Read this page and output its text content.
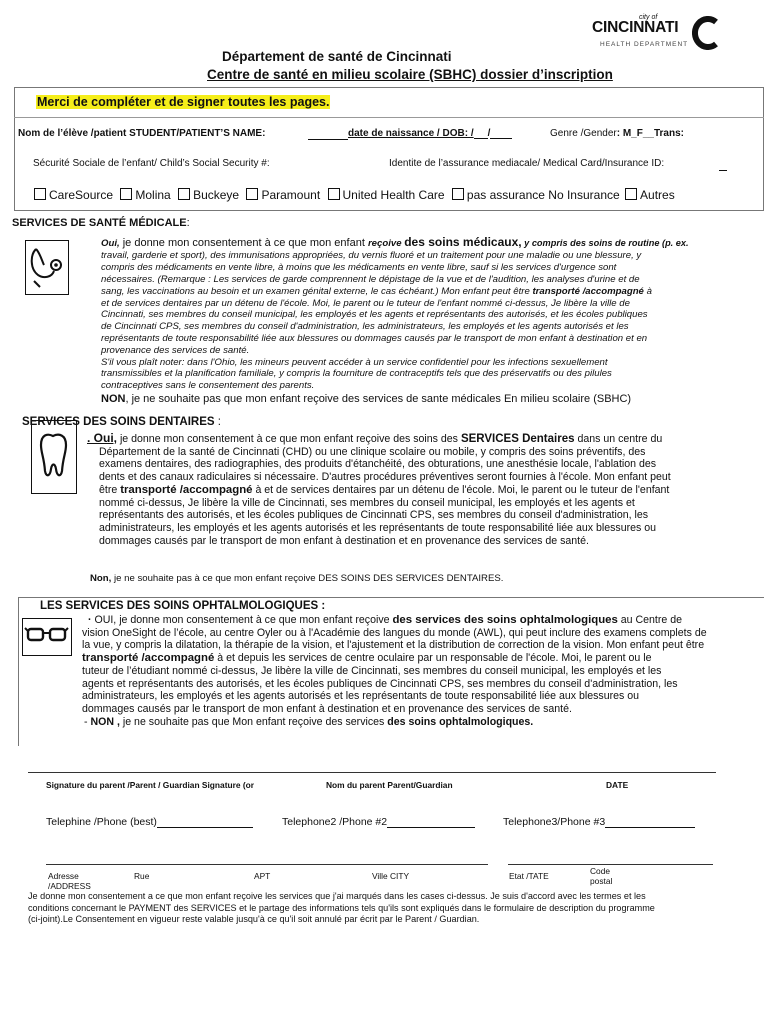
city of
CINCINNATI
HEALTH DEPARTMENT
Département de santé de Cincinnati
Centre de santé en milieu scolaire (SBHC) dossier d’inscription
Merci de compléter et de signer toutes les pages.
Nom de l’élève /patient STUDENT/PATIENT’S NAME:	date de naissance / DOB: / /	Genre /Gender: M_F__Trans:
Sécurité Sociale de l’enfant/ Child’s Social Security #:	Identite de l’assurance mediacale/ Medical Card/Insurance ID:
CareSource Molina Buckeye Paramount United Health Care pas assurance No Insurance Autres
SERVICES DE SANTÉ MÉDICALE:
Oui, je donne mon consentement à ce que mon enfant reçoive des soins médicaux, y compris des soins de routine (p. ex.
travail, garderie et sport), des immunisations appropriées, du vernis fluoré et un traitement pour une maladie ou une blessure, y
compris des médicaments en vente libre, à moins que les médicaments en vente libre, sauf si les services d'urgence sont
nécessaires. (Remarque : Les services de garde comprennent le dépistage de la vue et de l'audition, les analyses d'urine et de
sang, les vaccinations au besoin et un examen génital externe, le cas échéant.) Mon enfant peut être transporté /accompagné à
et de services dentaires par un détenu de l'école. Moi, le parent ou le tuteur de l'enfant nommé ci-dessus, Je libère la ville de
Cincinnati, ses membres du conseil municipal, les employés et les agents et représentants des autorisés, et les écoles publiques
de Cincinnati CPS, ses membres du conseil d'administration, les administrateurs, les employés et les agents autorisés et les
représentants de toute responsabilité liée aux blessures ou dommages causés par le transport de mon enfant à destination et en
provenance des services de santé.
S'il vous plaît noter: dans l'Ohio, les mineurs peuvent accéder à un service confidentiel pour les infections sexuellement
transmissibles et la planification familiale, y compris la fourniture de contraceptifs tels que des préservatifs ou des pilules
contraceptives sans le consentement des parents.
NON, je ne souhaite pas que mon enfant reçoive des services de sante médicales En milieu scolaire (SBHC)
SERVICES DES SOINS DENTAIRES :
. Oui, je donne mon consentement à ce que mon enfant reçoive des soins des SERVICES Dentaires dans un centre du
Département de la santé de Cincinnati (CHD) ou une clinique scolaire ou mobile, y compris des soins préventifs, des
examens dentaires, des radiographies, des produits d'étanchéité, des obturations, une anesthésie locale, l'ablation des
dents et des canaux radiculaires si nécessaire. D'autres procédures préventives seront fournies à l'école. Mon enfant peut
être transporté /accompagné à et de services dentaires par un détenu de l'école. Moi, le parent ou le tuteur de l'enfant
nommé ci-dessus, Je libère la ville de Cincinnati, ses membres du conseil municipal, les employés et les agents et
représentants des autorisés, et les écoles publiques de Cincinnati CPS, ses membres du conseil d'administration, les
administrateurs, les employés et les agents autorisés et les représentants de toute responsabilité liée aux blessures ou
dommages causés par le transport de mon enfant à destination et en provenance des services de santé.
Non, je ne souhaite pas à ce que mon enfant reçoive DES SOINS DES SERVICES DENTAIRES.
LES SERVICES DES SOINS OPHTALMOLOGIQUES :
· OUI, je donne mon consentement à ce que mon enfant reçoive des services des soins ophtalmologiques au Centre de
vision OneSight de l’école, au centre Oyler ou à l'Académie des langues du monde (AWL), qui peut inclure des examens complets de
la vue, y compris la dilatation, la thérapie de la vision, et l'ajustement et la distribution de correction de la vision. Mon enfant peut être
transporté /accompagné à et depuis les services de centre oculaire par un responsable de l'école. Moi, le parent ou le
tuteur de l’étudiant nommé ci-dessus, Je libère la ville de Cincinnati, ses membres du conseil municipal, les employés et les
agents et représentants des autorisés, et les écoles publiques de Cincinnati CPS, ses membres du conseil d'administration, les
administrateurs, les employés et les agents autorisés et les représentants de toute responsabilité liée aux blessures ou
dommages causés par le transport de mon enfant à destination et en provenance des services de santé.
- NON , je ne souhaite pas que Mon enfant reçoive des services des soins ophtalmologiques.
Signature du parent /Parent / Guardian Signature (or	Nom du parent Parent/Guardian	DATE
Telephine /Phone (best)	Telephone2 /Phone #2	Telephone3/Phone #3
Adresse
/ADDRESS
Rue	APT	Ville CITY	Etat /TATE	Code
postal
Je donne mon consentement a ce que mon enfant reçoive les services que j'ai marqués dans les cases ci-dessus. Je suis d'accord avec les termes et les
conditions concernant le PAYMENT des SERVICES et le partage des informations tels qu'ils sont expliqués dans le formulaire de description du programme
(ci-joint).Le Consentement en vigueur reste valable jusqu'à ce qu'il soit annulé par écrit par le Parent / Guardian.
